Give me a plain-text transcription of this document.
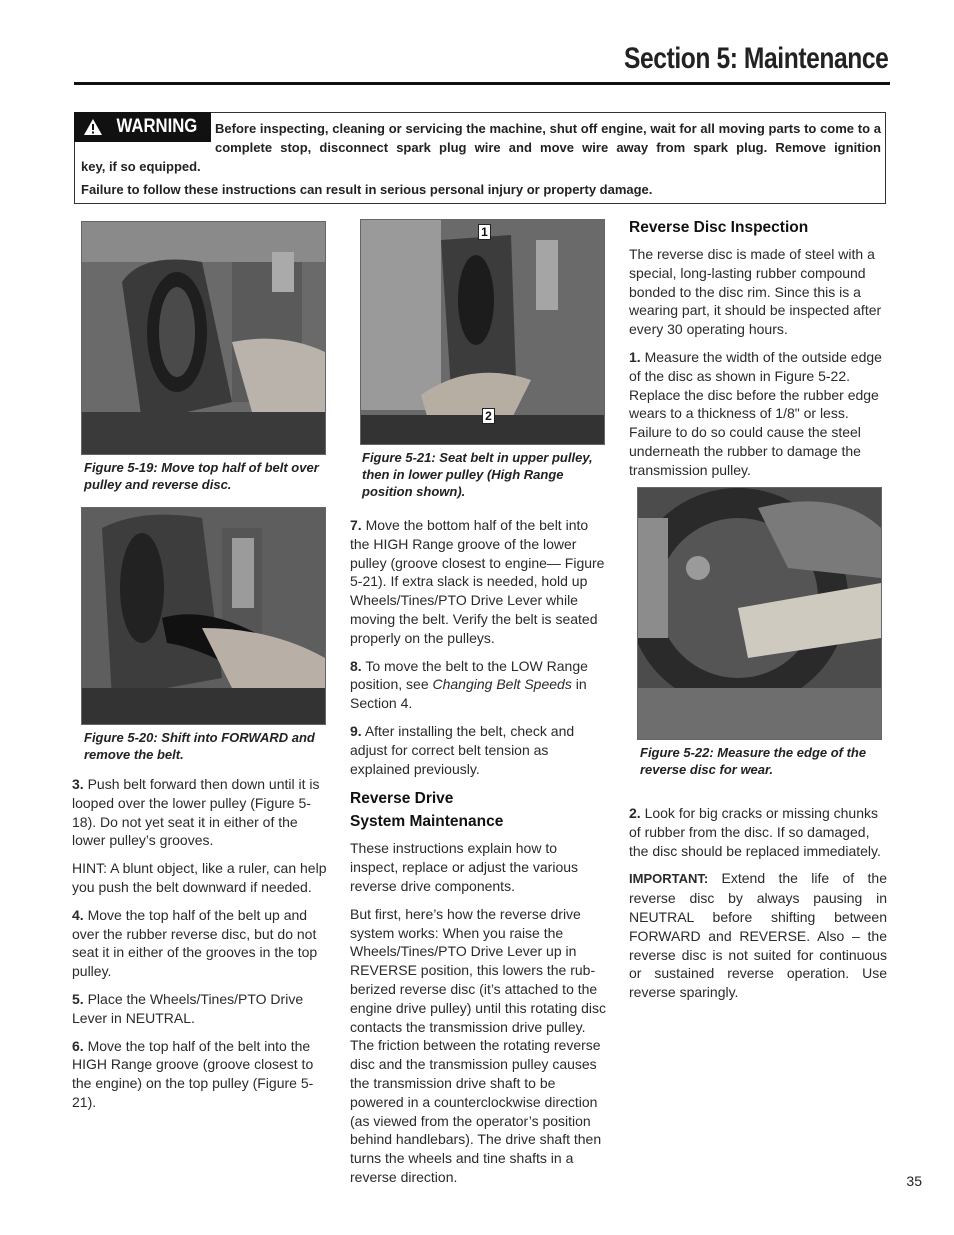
Section 5: Maintenance
WARNING Before inspecting, cleaning or servicing the machine, shut off engine, wait for all moving parts to come to a complete stop, disconnect spark plug wire and move wire away from spark plug. Remove ignition
key, if so equipped.
Failure to follow these instructions can result in serious personal injury or property damage.
Figure 5-19: Move top half of belt over pulley and reverse disc.
Figure 5-20: Shift into FORWARD and remove the belt.
1
2
Figure 5-21: Seat belt in upper pulley, then in lower pulley (High Range position shown).
Figure 5-22: Measure the edge of the reverse disc for wear.

3. Push belt forward then down until it is looped over the lower pulley (Figure 5-18). Do not yet seat it in either of the lower pulley’s grooves.

HINT: A blunt object, like a ruler, can help you push the belt downward if needed.

4. Move the top half of the belt up and over the rubber reverse disc, but do not seat it in either of the grooves in the top pulley.

5. Place the Wheels/Tines/PTO Drive Lever in NEUTRAL.

6. Move the top half of the belt into the HIGH Range groove (groove closest to the engine) on the top pulley (Figure 5-21).

7. Move the bottom half of the belt into the HIGH Range groove of the lower pulley (groove closest to engine— Figure 5-21). If extra slack is needed, hold up Wheels/Tines/PTO Drive Lever while moving the belt. Verify the belt is seated properly on the pulleys.

8. To move the belt to the LOW Range position, see Changing Belt Speeds in Section 4.

9. After installing the belt, check and adjust for correct belt tension as explained previously.

Reverse Drive
System Maintenance

These instructions explain how to inspect, replace or adjust the various reverse drive components.

But first, here’s how the reverse drive system works: When you raise the Wheels/Tines/PTO Drive Lever up in REVERSE position, this lowers the rub-berized reverse disc (it’s attached to the engine drive pulley) until this rotating disc contacts the transmission drive pulley. The friction between the rotating reverse disc and the transmission pulley causes the transmission drive shaft to be powered in a counterclockwise direction (as viewed from the operator’s position behind handlebars). The drive shaft then turns the wheels and tine shafts in a reverse direction.

Reverse Disc Inspection

The reverse disc is made of steel with a special, long-lasting rubber compound bonded to the disc rim. Since this is a wearing part, it should be inspected after every 30 operating hours.

1. Measure the width of the outside edge of the disc as shown in Figure 5-22. Replace the disc before the rubber edge wears to a thickness of 1/8" or less. Failure to do so could cause the steel underneath the rubber to damage the transmission pulley.

2. Look for big cracks or missing chunks of rubber from the disc. If so damaged, the disc should be replaced immediately.

IMPORTANT: Extend the life of the reverse disc by always pausing in NEUTRAL before shifting between FORWARD and REVERSE. Also – the reverse disc is not suited for continuous or sustained reverse operation. Use reverse sparingly.

35
